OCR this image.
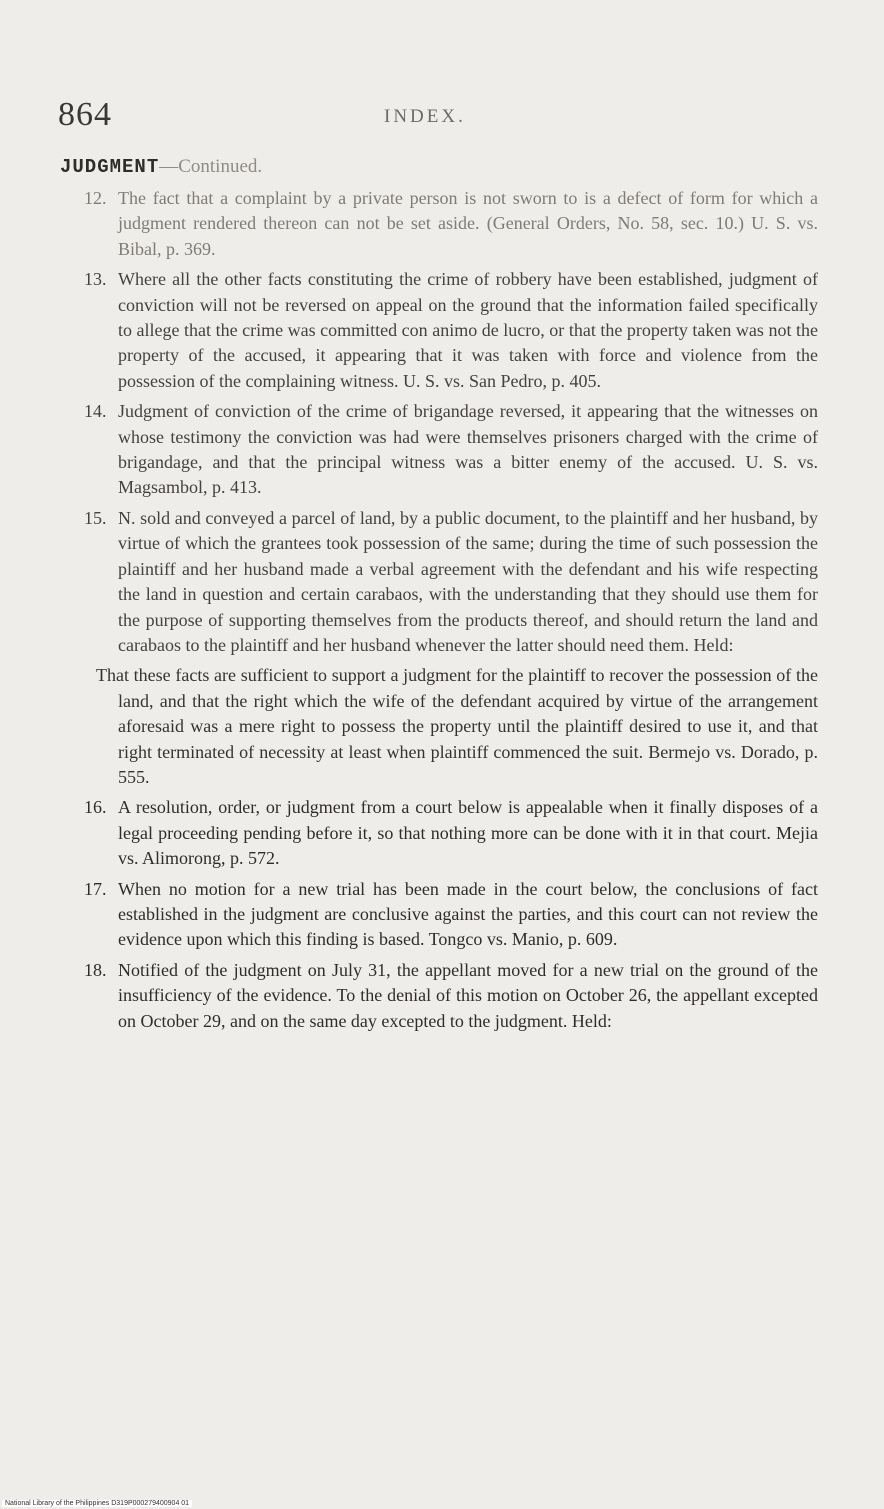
864	INDEX.
JUDGMENT—Continued.

12. The fact that a complaint by a private person is not sworn to is a defect of form for which a judgment rendered thereon can not be set aside. (General Orders, No. 58, sec. 10.) U. S. vs. Bibal, p. 369.

13. Where all the other facts constituting the crime of robbery have been established, judgment of conviction will not be reversed on appeal on the ground that the information failed specifically to allege that the crime was committed con animo de lucro, or that the property taken was not the property of the accused, it appearing that it was taken with force and violence from the possession of the complaining witness. U. S. vs. San Pedro, p. 405.

14. Judgment of conviction of the crime of brigandage reversed, it appearing that the witnesses on whose testimony the conviction was had were themselves prisoners charged with the crime of brigandage, and that the principal witness was a bitter enemy of the accused. U. S. vs. Magsambol, p. 413.

15. N. sold and conveyed a parcel of land, by a public document, to the plaintiff and her husband, by virtue of which the grantees took possession of the same; during the time of such possession the plaintiff and her husband made a verbal agreement with the defendant and his wife respecting the land in question and certain carabaos, with the understanding that they should use them for the purpose of supporting themselves from the products thereof, and should return the land and carabaos to the plaintiff and her husband whenever the latter should need them. Held:

That these facts are sufficient to support a judgment for the plaintiff to recover the possession of the land, and that the right which the wife of the defendant acquired by virtue of the arrangement aforesaid was a mere right to possess the property until the plaintiff desired to use it, and that right terminated of necessity at least when plaintiff commenced the suit. Bermejo vs. Dorado, p. 555.

16. A resolution, order, or judgment from a court below is appealable when it finally disposes of a legal proceeding pending before it, so that nothing more can be done with it in that court. Mejia vs. Alimorong, p. 572.

17. When no motion for a new trial has been made in the court below, the conclusions of fact established in the judgment are conclusive against the parties, and this court can not review the evidence upon which this finding is based. Tongco vs. Manio, p. 609.

18. Notified of the judgment on July 31, the appellant moved for a new trial on the ground of the insufficiency of the evidence. To the denial of this motion on October 26, the appellant excepted on October 29, and on the same day excepted to the judgment. Held:

National Library of the Philippines D319P000279400904 01
